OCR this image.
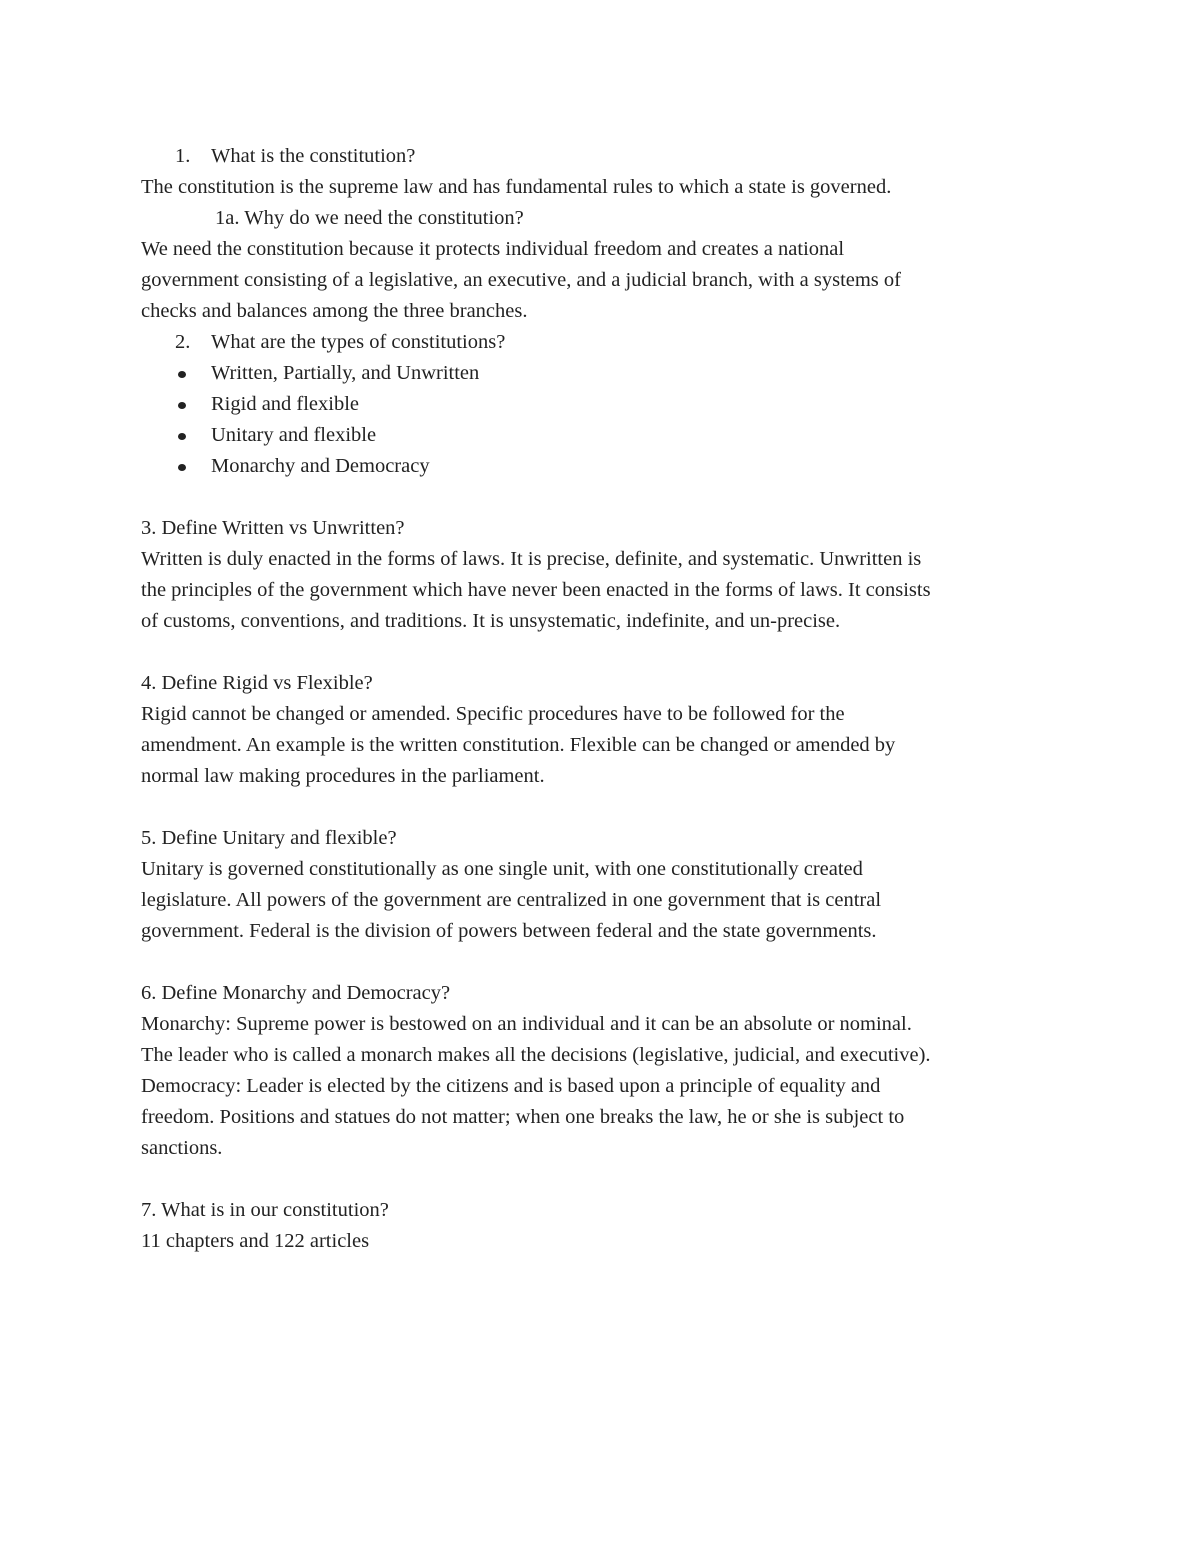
1. What is the constitution?

The constitution is the supreme law and has fundamental rules to which a state is governed.

1a. Why do we need the constitution?

We need the constitution because it protects individual freedom and creates a national

government consisting of a legislative, an executive, and a judicial branch, with a systems of

checks and balances among the three branches.

2. What are the types of constitutions?

Written, Partially, and Unwritten

Rigid and flexible

Unitary and flexible

Monarchy and Democracy

3. Define Written vs Unwritten?

Written is duly enacted in the forms of laws. It is precise, definite, and systematic. Unwritten is

the principles of the government which have never been enacted in the forms of laws. It consists

of customs, conventions, and traditions. It is unsystematic, indefinite, and un-precise.

4. Define Rigid vs Flexible?

Rigid cannot be changed or amended. Specific procedures have to be followed for the

amendment. An example is the written constitution. Flexible can be changed or amended by

normal law making procedures in the parliament.

5. Define Unitary and flexible?

Unitary is governed constitutionally as one single unit, with one constitutionally created

legislature. All powers of the government are centralized in one government that is central

government. Federal is the division of powers between federal and the state governments.

6. Define Monarchy and Democracy?

Monarchy: Supreme power is bestowed on an individual and it can be an absolute or nominal.

The leader who is called a monarch makes all the decisions (legislative, judicial, and executive).

Democracy: Leader is elected by the citizens and is based upon a principle of equality and

freedom. Positions and statues do not matter; when one breaks the law, he or she is subject to

sanctions.

7. What is in our constitution?

11 chapters and 122 articles
